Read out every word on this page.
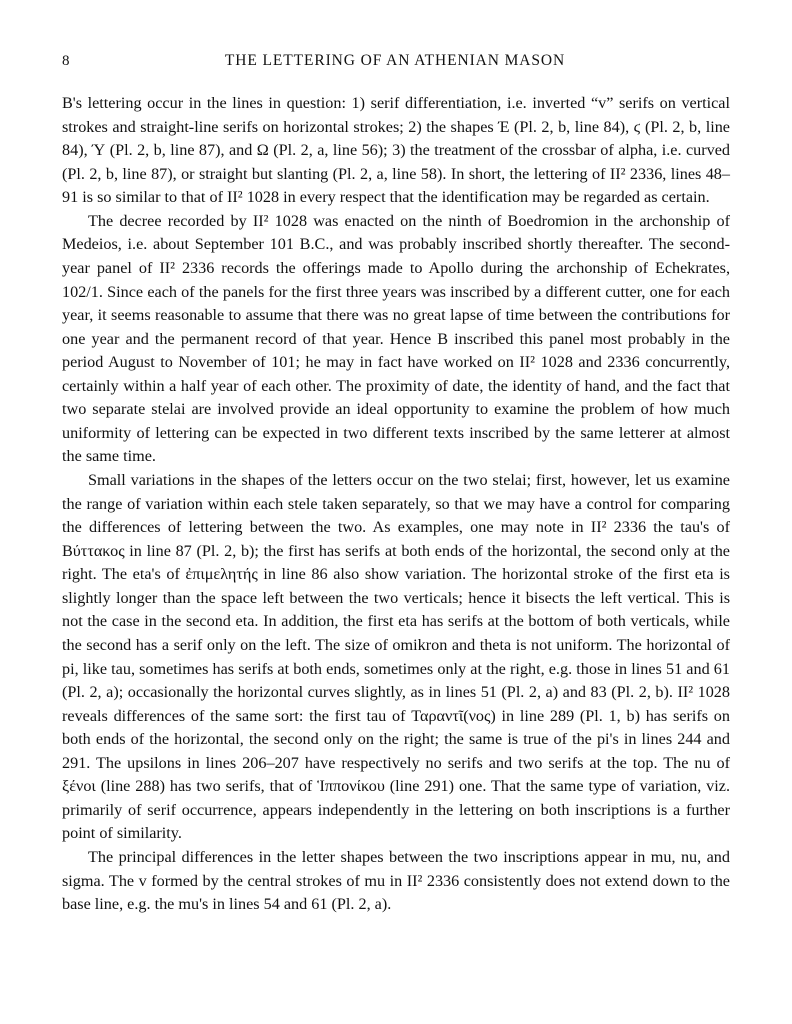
8	THE LETTERING OF AN ATHENIAN MASON

B's lettering occur in the lines in question: 1) serif differentiation, i.e. inverted “v” serifs on vertical strokes and straight-line serifs on horizontal strokes; 2) the shapes Έ (Pl. 2, b, line 84), ϛ (Pl. 2, b, line 84), Ύ (Pl. 2, b, line 87), and Ω (Pl. 2, a, line 56); 3) the treatment of the crossbar of alpha, i.e. curved (Pl. 2, b, line 87), or straight but slanting (Pl. 2, a, line 58). In short, the lettering of II² 2336, lines 48–91 is so similar to that of II² 1028 in every respect that the identification may be regarded as certain.

The decree recorded by II² 1028 was enacted on the ninth of Boedromion in the archonship of Medeios, i.e. about September 101 B.C., and was probably inscribed shortly thereafter. The second-year panel of II² 2336 records the offerings made to Apollo during the archonship of Echekrates, 102/1. Since each of the panels for the first three years was inscribed by a different cutter, one for each year, it seems reasonable to assume that there was no great lapse of time between the contributions for one year and the permanent record of that year. Hence B inscribed this panel most probably in the period August to November of 101; he may in fact have worked on II² 1028 and 2336 concurrently, certainly within a half year of each other. The proximity of date, the identity of hand, and the fact that two separate stelai are involved provide an ideal opportunity to examine the problem of how much uniformity of lettering can be expected in two different texts inscribed by the same letterer at almost the same time.

Small variations in the shapes of the letters occur on the two stelai; first, however, let us examine the range of variation within each stele taken separately, so that we may have a control for comparing the differences of lettering between the two. As examples, one may note in II² 2336 the tau's of Βύττακος in line 87 (Pl. 2, b); the first has serifs at both ends of the horizontal, the second only at the right. The eta's of ἐπιμελητής in line 86 also show variation. The horizontal stroke of the first eta is slightly longer than the space left between the two verticals; hence it bisects the left vertical. This is not the case in the second eta. In addition, the first eta has serifs at the bottom of both verticals, while the second has a serif only on the left. The size of omikron and theta is not uniform. The horizontal of pi, like tau, sometimes has serifs at both ends, sometimes only at the right, e.g. those in lines 51 and 61 (Pl. 2, a); occasionally the horizontal curves slightly, as in lines 51 (Pl. 2, a) and 83 (Pl. 2, b). II² 1028 reveals differences of the same sort: the first tau of Ταραντῖ(νος) in line 289 (Pl. 1, b) has serifs on both ends of the horizontal, the second only on the right; the same is true of the pi's in lines 244 and 291. The upsilons in lines 206–207 have respectively no serifs and two serifs at the top. The nu of ξένοι (line 288) has two serifs, that of Ἱππονίκου (line 291) one. That the same type of variation, viz. primarily of serif occurrence, appears independently in the lettering on both inscriptions is a further point of similarity.

The principal differences in the letter shapes between the two inscriptions appear in mu, nu, and sigma. The v formed by the central strokes of mu in II² 2336 consistently does not extend down to the base line, e.g. the mu's in lines 54 and 61 (Pl. 2, a).
